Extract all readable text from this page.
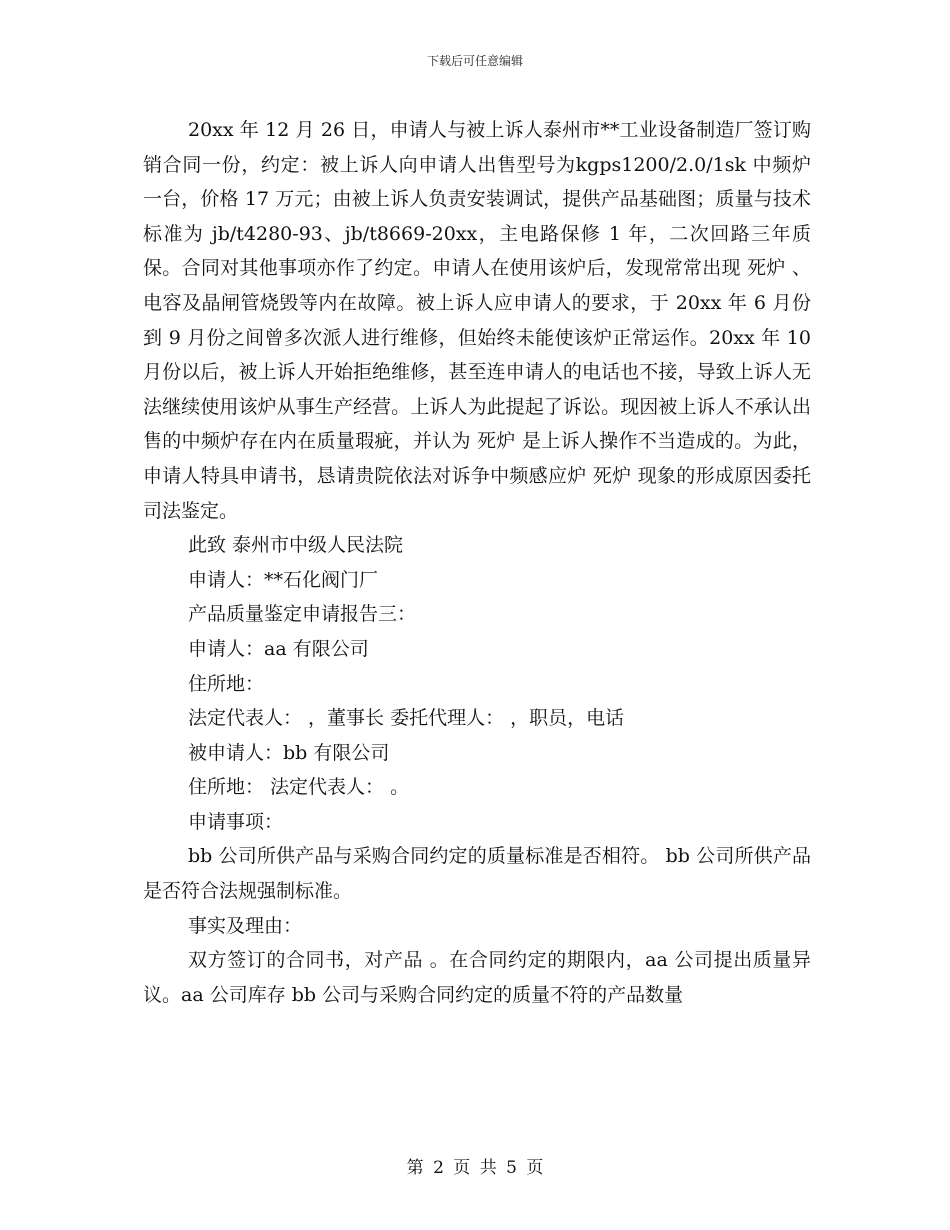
下载后可任意编辑

20xx 年 12 月 26 日，申请人与被上诉人泰州市**工业设备制造厂签订购销合同一份，约定：被上诉人向申请人出售型号为kgps1200/2.0/1sk 中频炉一台，价格 17 万元；由被上诉人负责安装调试，提供产品基础图；质量与技术标准为 jb/t4280-93、jb/t8669-20xx，主电路保修 1 年，二次回路三年质保。合同对其他事项亦作了约定。申请人在使用该炉后，发现常常出现 死炉 、电容及晶闸管烧毁等内在故障。被上诉人应申请人的要求，于 20xx 年 6 月份到 9 月份之间曾多次派人进行维修，但始终未能使该炉正常运作。20xx 年 10 月份以后，被上诉人开始拒绝维修，甚至连申请人的电话也不接，导致上诉人无法继续使用该炉从事生产经营。上诉人为此提起了诉讼。现因被上诉人不承认出售的中频炉存在内在质量瑕疵，并认为 死炉 是上诉人操作不当造成的。为此，申请人特具申请书，恳请贵院依法对诉争中频感应炉 死炉 现象的形成原因委托司法鉴定。

此致 泰州市中级人民法院

申请人：**石化阀门厂

产品质量鉴定申请报告三：

申请人：aa 有限公司

住所地：

法定代表人： ，董事长 委托代理人： ，职员，电话

被申请人：bb 有限公司

住所地： 法定代表人： 。

申请事项：

bb 公司所供产品与采购合同约定的质量标准是否相符。 bb 公司所供产品是否符合法规强制标准。

事实及理由：

双方签订的合同书，对产品 。在合同约定的期限内，aa 公司提出质量异议。aa 公司库存 bb 公司与采购合同约定的质量不符的产品数量

第 2 页 共 5 页
